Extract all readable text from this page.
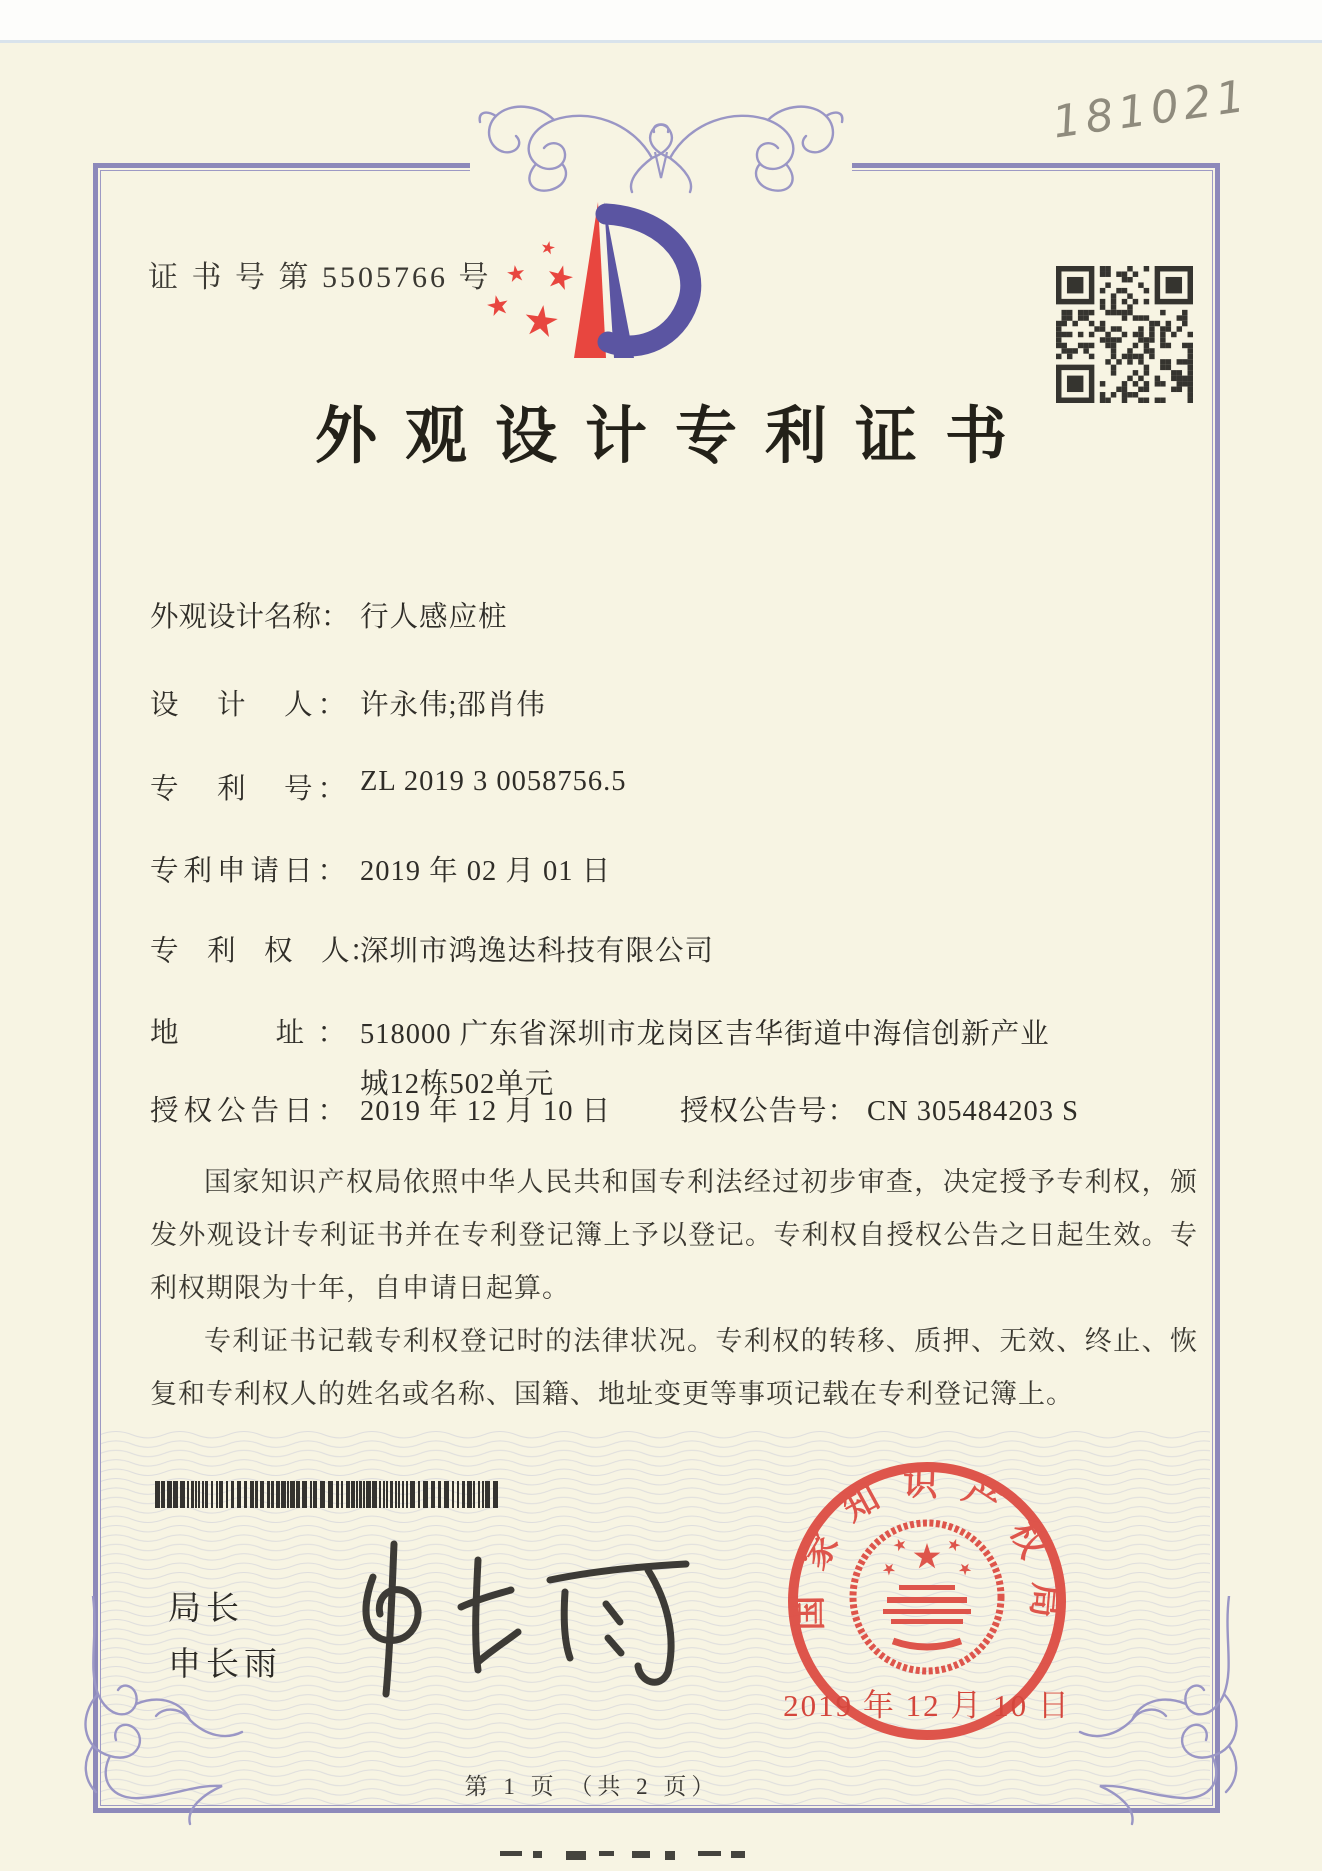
181021
证 书 号 第 5505766 号
外观设计专利证书
外观设计名称： 行人感应桩
设　计　人： 许永伟;邵肖伟
专　利　号： ZL 2019 3 0058756.5
专利申请日： 2019 年 02 月 01 日
专　利　权　人：深圳市鸿逸达科技有限公司
地　　址： 518000 广东省深圳市龙岗区吉华街道中海信创新产业城12栋502单元
授权公告日： 2019 年 12 月 10 日 授权公告号： CN 305484203 S

国家知识产权局依照中华人民共和国专利法经过初步审查，决定授予专利权，颁发外观设计专利证书并在专利登记簿上予以登记。专利权自授权公告之日起生效。专利权期限为十年，自申请日起算。

专利证书记载专利权登记时的法律状况。专利权的转移、质押、无效、终止、恢复和专利权人的姓名或名称、国籍、地址变更等事项记载在专利登记簿上。

局长
申长雨
国家知识产权局
2019 年 12 月 10 日
第 1 页 （共 2 页）
